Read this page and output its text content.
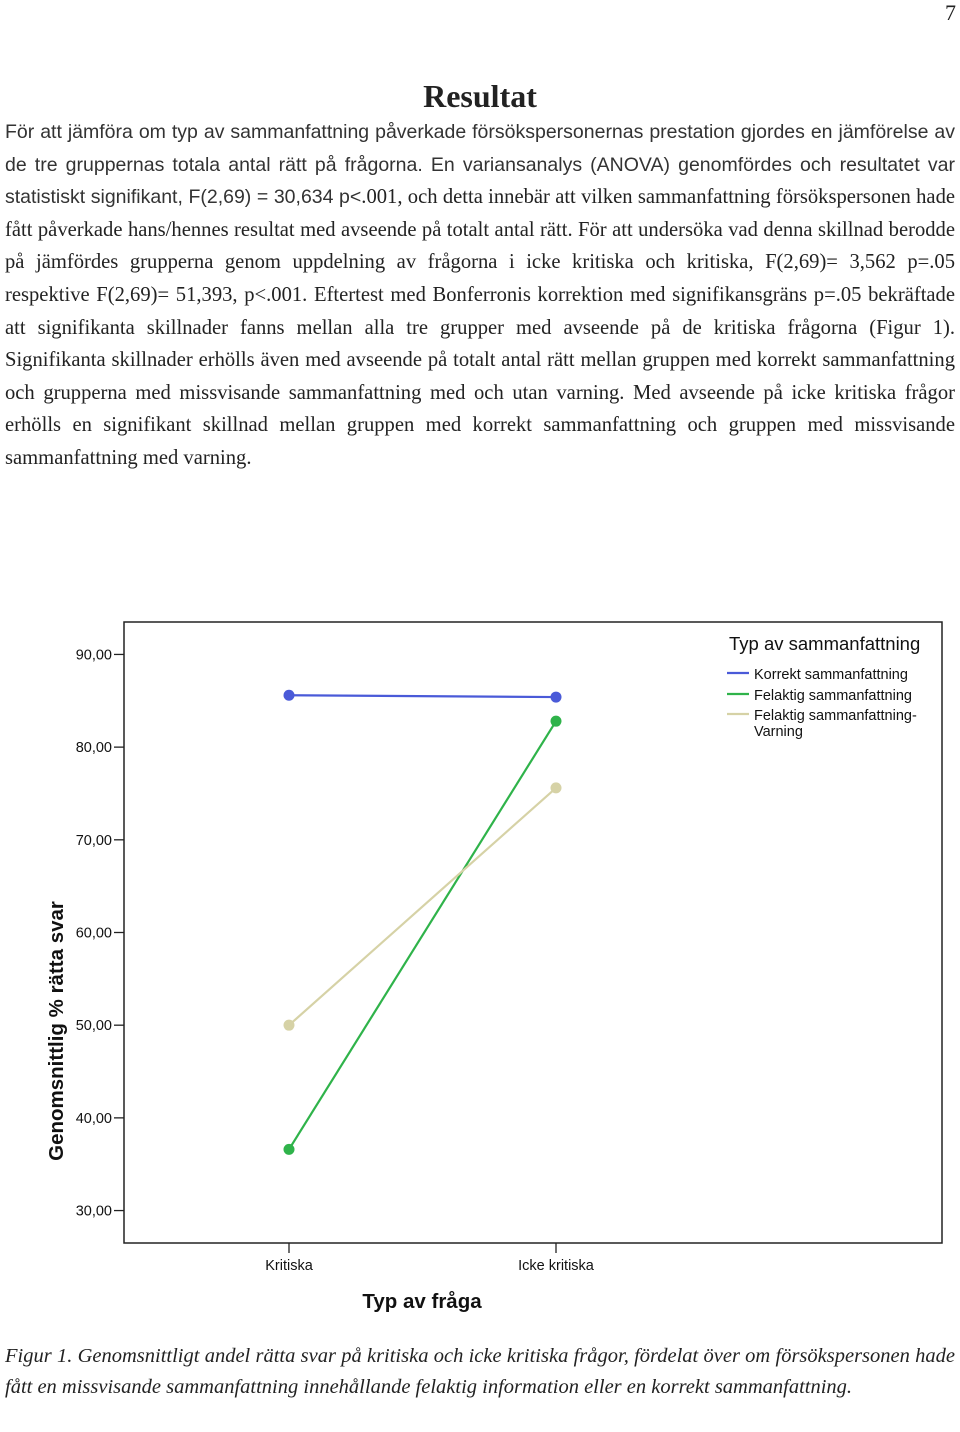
7
Resultat

För att jämföra om typ av sammanfattning påverkade försökspersonernas prestation gjordes en jämförelse av de tre gruppernas totala antal rätt på frågorna. En variansanalys (ANOVA) genomfördes och resultatet var statistiskt signifikant, F(2,69) = 30,634 p<.001, och detta innebär att vilken sammanfattning försökspersonen hade fått påverkade hans/hennes resultat med avseende på totalt antal rätt. För att undersöka vad denna skillnad berodde på jämfördes grupperna genom uppdelning av frågorna i icke kritiska och kritiska, F(2,69)= 3,562 p=.05 respektive F(2,69)= 51,393, p<.001. Eftertest med Bonferronis korrektion med signifikansgräns p=.05 bekräftade att signifikanta skillnader fanns mellan alla tre grupper med avseende på de kritiska frågorna (Figur 1). Signifikanta skillnader erhölls även med avseende på totalt antal rätt mellan gruppen med korrekt sammanfattning och grupperna med missvisande sammanfattning med och utan varning. Med avseende på icke kritiska frågor erhölls en signifikant skillnad mellan gruppen med korrekt sammanfattning och gruppen med missvisande sammanfattning med varning.

90,00
80,00
70,00
60,00
50,00
40,00
30,00
Kritiska	Icke kritiska
Typ av sammanfattning
Korrekt sammanfattning
Felaktig sammanfattning
Felaktig sammanfattning-
Varning
Genomsnittlig % rätta svar
Typ av fråga

Figur 1. Genomsnittligt andel rätta svar på kritiska och icke kritiska frågor, fördelat över om försökspersonen hade fått en missvisande sammanfattning innehållande felaktig information eller en korrekt sammanfattning.
